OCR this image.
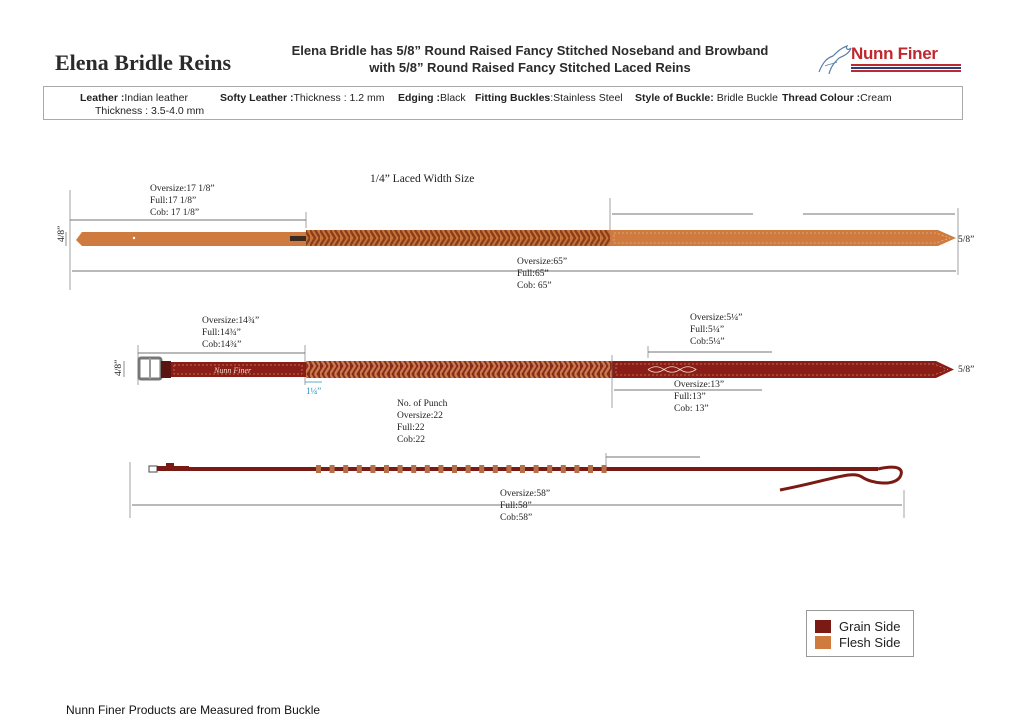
Elena Bridle Reins	Elena Bridle has 5/8” Round Raised Fancy Stitched Noseband and Browband
with 5/8” Round Raised Fancy Stitched Laced Reins
Nunn Finer
Leather :Indian leather
Thickness : 3.5-4.0 mm
Softy Leather :Thickness : 1.2 mm Edging :Black Fitting Buckles:Stainless Steel Style of Buckle: Bridle Buckle Thread Colour :Cream
1/4” Laced Width Size
Oversize:17 1/8”
Full:17 1/8”
Cob: 17 1/8”
4/8”	5/8”
Oversize:65”
Full:65”
Cob: 65”
Oversize:14¾”
Full:14¾”
Cob:14¾”
4/8”	Nunn Finer	5/8”
1¼”
Oversize:5¼”
Full:5¼”
Cob:5¼”
Oversize:13”
Full:13”
Cob: 13”
No. of Punch
Oversize:22
Full:22
Cob:22
Oversize:58”
Full:58”
Cob:58”
Grain Side
Flesh Side
Nunn Finer Products are Measured from Buckle
